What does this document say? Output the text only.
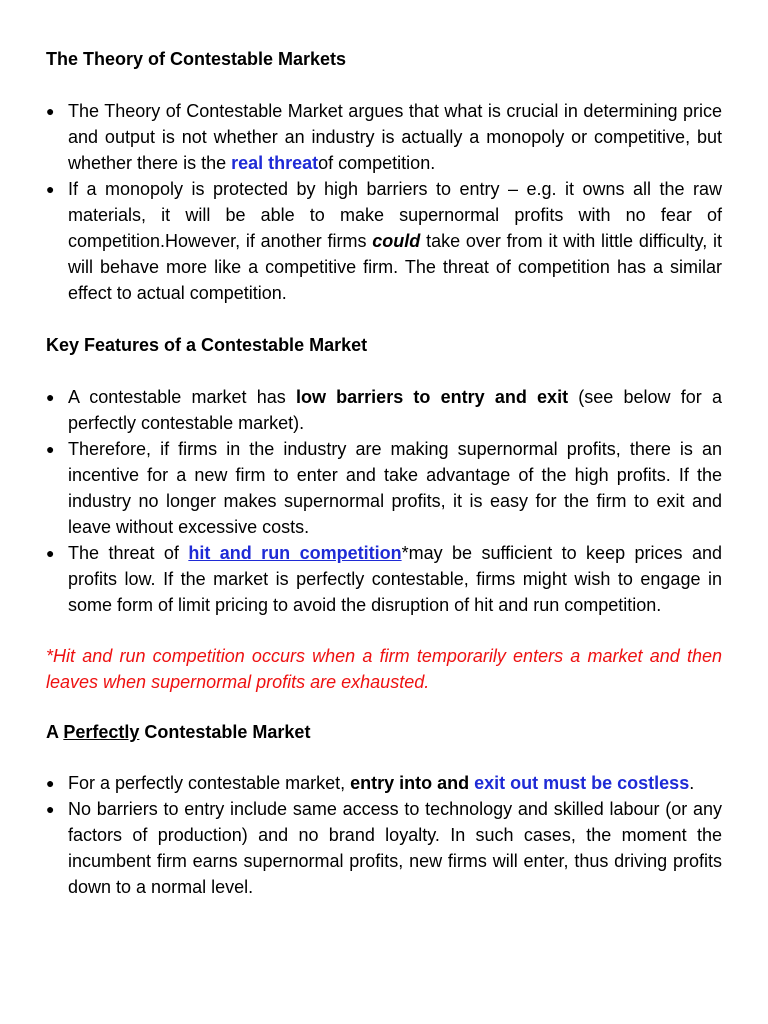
The Theory of Contestable Markets
● The Theory of Contestable Market argues that what is crucial in determining price and output is not whether an industry is actually a monopoly or competitive, but whether there is the real threatof competition.
● If a monopoly is protected by high barriers to entry – e.g. it owns all the raw materials, it will be able to make supernormal profits with no fear of competition.However, if another firms could take over from it with little difficulty, it will behave more like a competitive firm. The threat of competition has a similar effect to actual competition.
Key Features of a Contestable Market
● A contestable market has low barriers to entry and exit (see below for a perfectly contestable market).
● Therefore, if firms in the industry are making supernormal profits, there is an incentive for a new firm to enter and take advantage of the high profits. If the industry no longer makes supernormal profits, it is easy for the firm to exit and leave without excessive costs.
● The threat of hit and run competition*may be sufficient to keep prices and profits low. If the market is perfectly contestable, firms might wish to engage in some form of limit pricing to avoid the disruption of hit and run competition.

*Hit and run competition occurs when a firm temporarily enters a market and then leaves when supernormal profits are exhausted.

A Perfectly Contestable Market
● For a perfectly contestable market, entry into and exit out must be costless.
● No barriers to entry include same access to technology and skilled labour (or any factors of production) and no brand loyalty. In such cases, the moment the incumbent firm earns supernormal profits, new firms will enter, thus driving profits down to a normal level.
